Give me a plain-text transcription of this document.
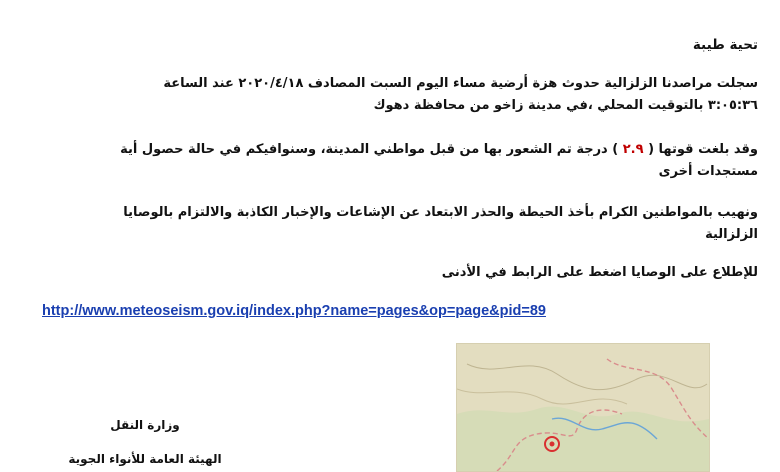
تحية طيبة
سجلت مراصدنا الزلزالية حدوث هزة أرضية مساء اليوم السبت المصادف ٢٠٢٠/٤/١٨ عند الساعة
٣:٠٥:٣٦ بالتوقيت المحلي ،في مدينة زاخو من محافظة دهوك
وقد بلغت قوتها ( ٢.٩ ) درجة تم الشعور بها من قبل مواطني المدينة، وسنوافيكم في حالة حصول أية
مستجدات أخرى
ونهيب بالمواطنين الكرام بأخذ الحيطة والحذر الابتعاد عن الإشاعات والإخبار الكاذبة والالتزام بالوصايا
الزلزالية
للإطلاع على الوصايا اضغط على الرابط في الأدنى
http://www.meteoseism.gov.iq/index.php?name=pages&op=page&pid=89
وزارة النقل
الهيئة العامة للأنواء الجوية
